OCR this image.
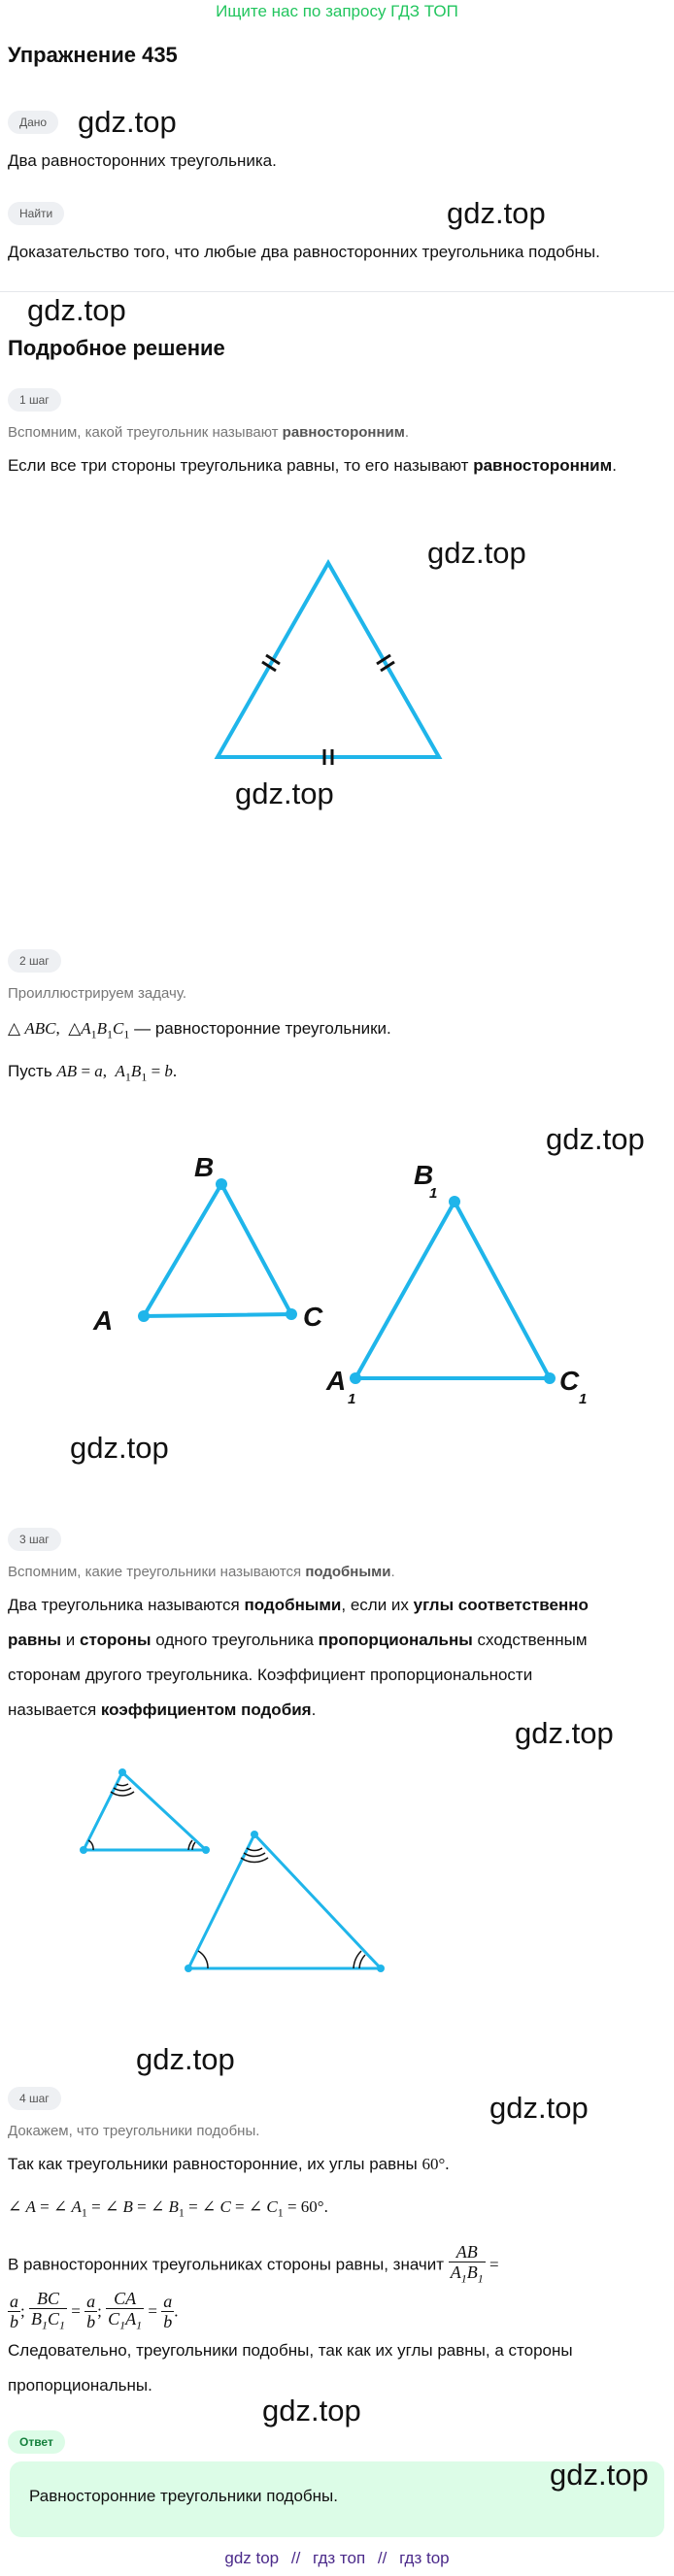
Ищите нас по запросу ГДЗ ТОП
Упражнение 435
Дано	gdz.top
Два равносторонних треугольника.
Найти	gdz.top
Доказательство того, что любые два равносторонних треугольника подобны.
gdz.top
Подробное решение
1 шаг
Вспомним, какой треугольник называют равносторонним.
Если все три стороны треугольника равны, то его называют равносторонним.
gdz.top
gdz.top
2 шаг
Проиллюстрируем задачу.
△ ABC,  $\triangle A_1B_1C_1$ — равносторонние треугольники.
Пусть AB = a,  $A_1B_1 = b$.
gdz.top
B
A	C
B
1
A
1
C
1
gdz.top
3 шаг
Вспомним, какие треугольники называются подобными.
Два треугольника называются подобными, если их углы соответственно
равны и стороны одного треугольника пропорциональны сходственным
сторонам другого треугольника. Коэффициент пропорциональности
называется коэффициентом подобия.
gdz.top
gdz.top
4 шаг	gdz.top
Докажем, что треугольники подобны.
Так как треугольники равносторонние, их углы равны 60°.
∠ A = ∠ $A_1$ = ∠ B = ∠ $B_1$ = ∠ C = ∠ $C_1 = 60^\circ$.
В равносторонних треугольниках стороны равны, значит $\frac{AB}{A_1B_1}$ =
$\frac{a}{b}$ ; $\frac{BC}{B_1C_1} = \frac{a}{b}$ ; $\frac{CA}{C_1A_1} = \frac{a}{b}$ .
Следовательно, треугольники подобны, так как их углы равны, а стороны
пропорциональны.
gdz.top
Ответ
gdz.top
Равносторонние треугольники подобны.
gdz top // гдз топ // гдз top
